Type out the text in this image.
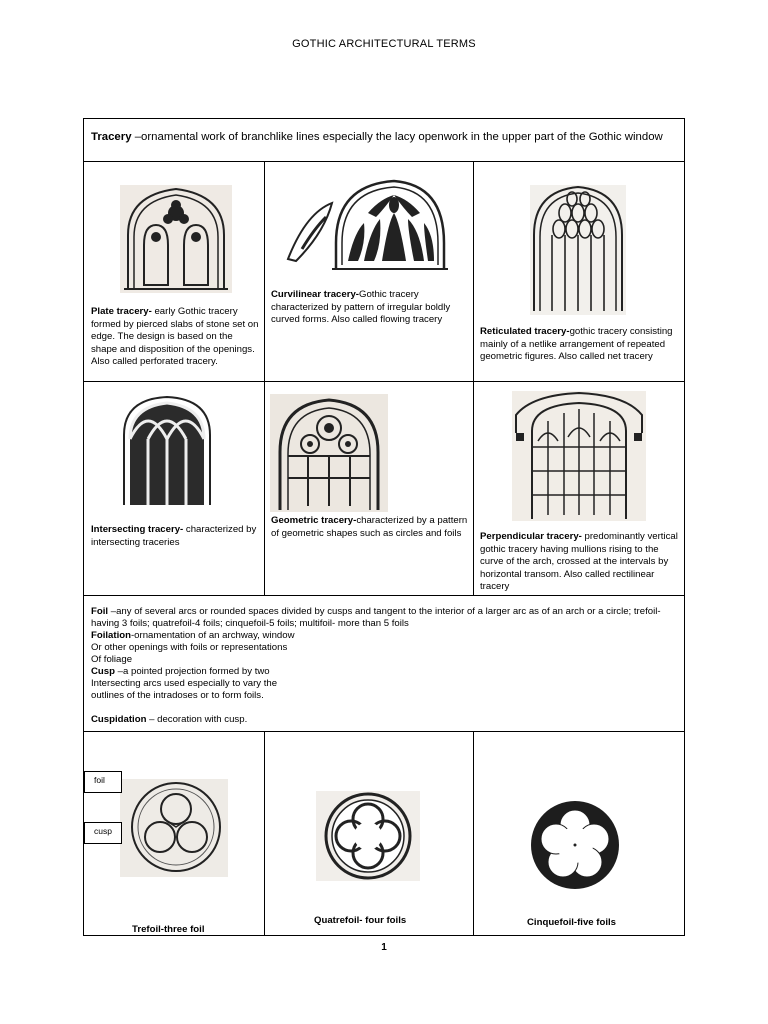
GOTHIC ARCHITECTURAL TERMS
Tracery –ornamental work of branchlike lines especially the lacy openwork in the upper part of the Gothic window
Plate tracery- early Gothic tracery formed by pierced slabs of stone set on edge. The design is based on the shape and disposition of the openings. Also called perforated tracery.
Curvilinear tracery-Gothic tracery characterized by pattern of irregular boldly curved forms. Also called flowing tracery
Reticulated tracery-gothic tracery consisting mainly of a netlike arrangement of repeated geometric figures. Also called net tracery
Intersecting tracery- characterized by intersecting traceries
Geometric tracery-characterized by a pattern of geometric shapes such as circles and foils	Perpendicular tracery- predominantly vertical gothic tracery having mullions rising to the curve of the arch, crossed at the intervals by horizontal transom. Also called rectilinear tracery

Foil –any of several arcs or rounded spaces divided by cusps and tangent to the interior of a larger arc as of an arch or a circle; trefoil- having 3 foils; quatrefoil-4 foils; cinquefoil-5 foils; multifoil- more than 5 foils

Foilation-ornamentation of an archway, window

Or other openings with foils or representations

Of foliage

Cusp –a pointed projection formed by two

Intersecting arcs used especially to vary the

outlines of the intradoses or to form foils.

Cuspidation – decoration with cusp.

foil
cusp
Trefoil-three foil
Quatrefoil- four foils	Cinquefoil-five foils
1
